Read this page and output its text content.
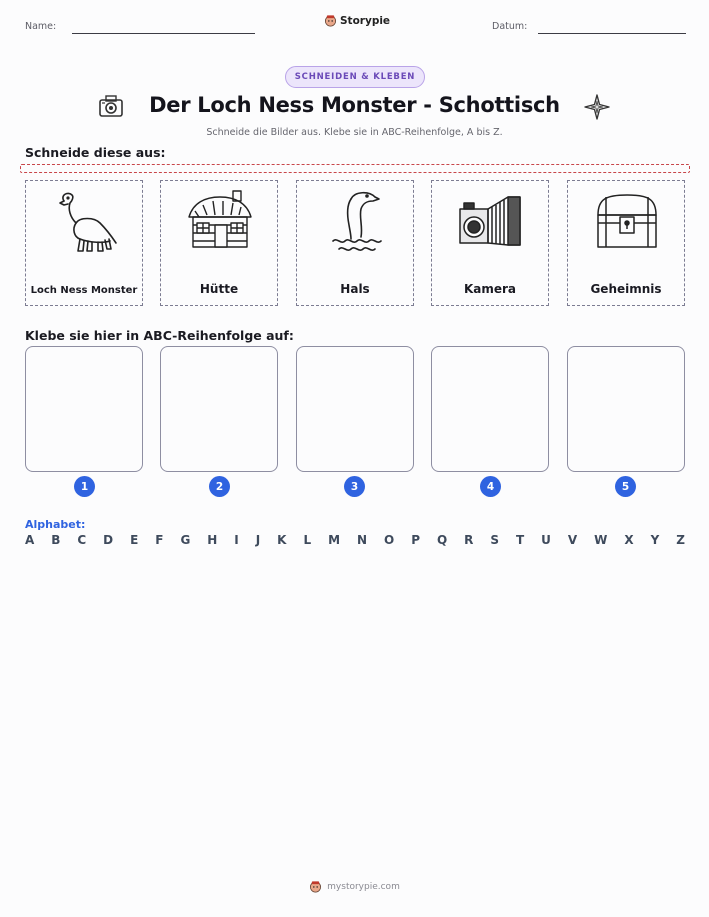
Name:	Storypie	Datum:
SCHNEIDEN & KLEBEN
Der Loch Ness Monster - Schottisch
Schneide die Bilder aus. Klebe sie in ABC-Reihenfolge, A bis Z.
Schneide diese aus:
Loch Ness Monster	Hütte	Hals	Kamera	Geheimnis
Klebe sie hier in ABC-Reihenfolge auf:
1	2	3	4	5
Alphabet:
A B C D E F G H I J K L M N O P Q R S T U V W X Y Z
mystorypie.com
